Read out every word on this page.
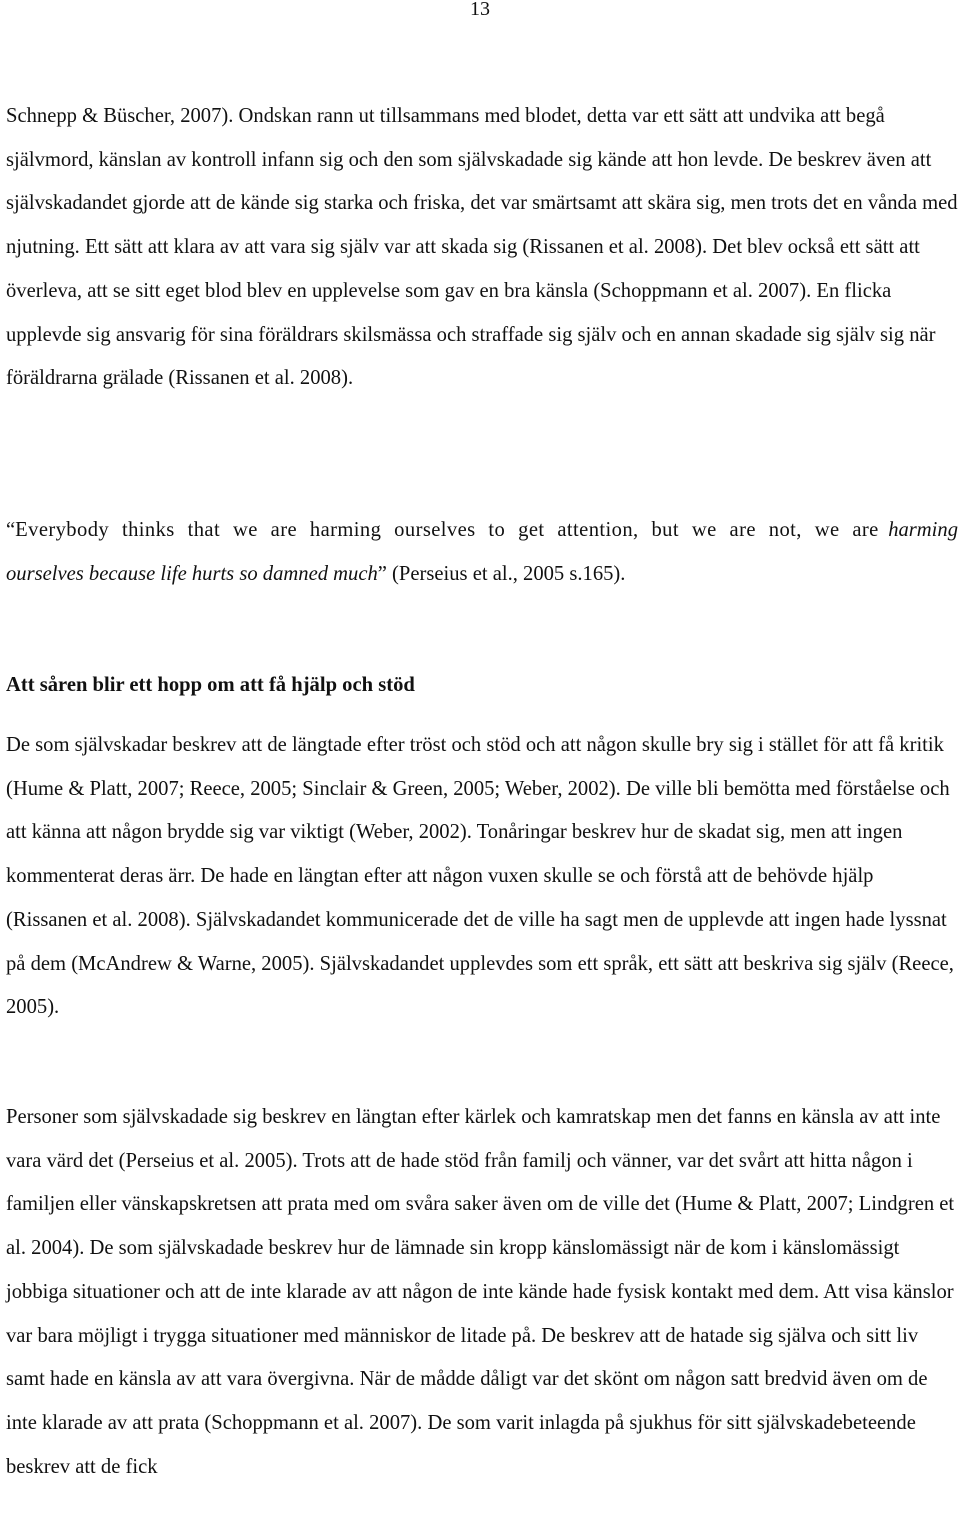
13

Schnepp & Büscher, 2007). Ondskan rann ut tillsammans med blodet, detta var ett sätt att undvika att begå självmord, känslan av kontroll infann sig och den som självskadade sig kände att hon levde. De beskrev även att självskadandet gjorde att de kände sig starka och friska, det var smärtsamt att skära sig, men trots det en vånda med njutning. Ett sätt att klara av att vara sig själv var att skada sig (Rissanen et al. 2008). Det blev också ett sätt att överleva, att se sitt eget blod blev en upplevelse som gav en bra känsla (Schoppmann et al. 2007). En flicka upplevde sig ansvarig för sina föräldrars skilsmässa och straffade sig själv och en annan skadade sig själv sig när föräldrarna grälade (Rissanen et al. 2008).

“Everybody thinks that we are harming ourselves to get attention, but we are not, we are harming ourselves because life hurts so damned much” (Perseius et al., 2005 s.165).

Att såren blir ett hopp om att få hjälp och stöd

De som självskadar beskrev att de längtade efter tröst och stöd och att någon skulle bry sig i stället för att få kritik (Hume & Platt, 2007; Reece, 2005; Sinclair & Green, 2005; Weber, 2002). De ville bli bemötta med förståelse och att känna att någon brydde sig var viktigt (Weber, 2002). Tonåringar beskrev hur de skadat sig, men att ingen kommenterat deras ärr. De hade en längtan efter att någon vuxen skulle se och förstå att de behövde hjälp (Rissanen et al. 2008). Självskadandet kommunicerade det de ville ha sagt men de upplevde att ingen hade lyssnat på dem (McAndrew & Warne, 2005). Självskadandet upplevdes som ett språk, ett sätt att beskriva sig själv (Reece, 2005).

Personer som självskadade sig beskrev en längtan efter kärlek och kamratskap men det fanns en känsla av att inte vara värd det (Perseius et al. 2005). Trots att de hade stöd från familj och vänner, var det svårt att hitta någon i familjen eller vänskapskretsen att prata med om svåra saker även om de ville det (Hume & Platt, 2007; Lindgren et al. 2004). De som självskadade beskrev hur de lämnade sin kropp känslomässigt när de kom i känslomässigt jobbiga situationer och att de inte klarade av att någon de inte kände hade fysisk kontakt med dem. Att visa känslor var bara möjligt i trygga situationer med människor de litade på. De beskrev att de hatade sig själva och sitt liv samt hade en känsla av att vara övergivna. När de mådde dåligt var det skönt om någon satt bredvid även om de inte klarade av att prata (Schoppmann et al. 2007). De som varit inlagda på sjukhus för sitt självskadebeteende beskrev att de fick
